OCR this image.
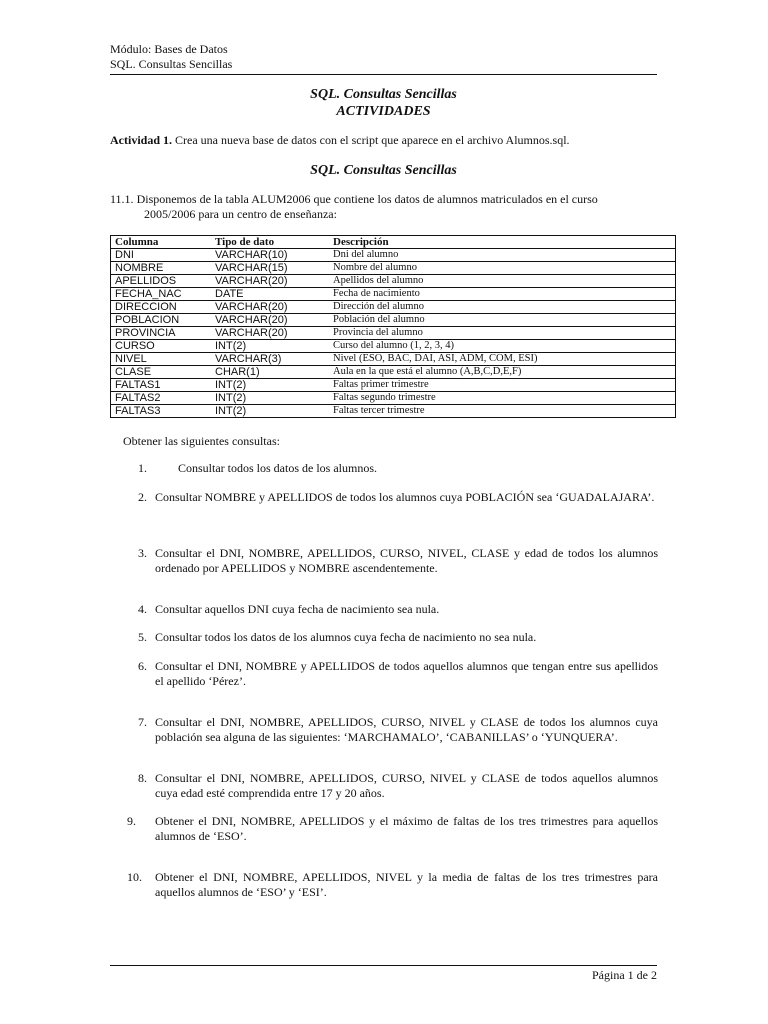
Módulo: Bases de Datos
SQL. Consultas Sencillas
SQL. Consultas Sencillas
ACTIVIDADES
Actividad 1. Crea una nueva base de datos con el script que aparece en el archivo Alumnos.sql.
SQL. Consultas Sencillas
11.1. Disponemos de la tabla ALUM2006 que contiene los datos de alumnos matriculados en el curso
2005/2006 para un centro de enseñanza:
Columna	Tipo de dato	Descripción
DNI	VARCHAR(10)	Dni del alumno
NOMBRE	VARCHAR(15)	Nombre del alumno
APELLIDOS	VARCHAR(20)	Apellidos del alumno
FECHA_NAC	DATE	Fecha de nacimiento
DIRECCION	VARCHAR(20)	Dirección del alumno
POBLACION	VARCHAR(20)	Población del alumno
PROVINCIA	VARCHAR(20)	Provincia del alumno
CURSO	INT(2)	Curso del alumno (1, 2, 3, 4)
NIVEL	VARCHAR(3)	Nivel (ESO, BAC, DAI, ASI, ADM, COM, ESI)
CLASE	CHAR(1)	Aula en la que está el alumno (A,B,C,D,E,F)
FALTAS1	INT(2)	Faltas primer trimestre
FALTAS2	INT(2)	Faltas segundo trimestre
FALTAS3	INT(2)	Faltas tercer trimestre
Obtener las siguientes consultas:
1.	Consultar todos los datos de los alumnos.
2. Consultar NOMBRE y APELLIDOS de todos los alumnos cuya POBLACIÓN sea ‘GUADALAJARA’.
3. Consultar el DNI, NOMBRE, APELLIDOS, CURSO, NIVEL, CLASE y edad de todos los alumnos ordenado por APELLIDOS y NOMBRE ascendentemente.
4. Consultar aquellos DNI cuya fecha de nacimiento sea nula.
5. Consultar todos los datos de los alumnos cuya fecha de nacimiento no sea nula.
6. Consultar el DNI, NOMBRE y APELLIDOS de todos aquellos alumnos que tengan entre sus apellidos el apellido ‘Pérez’.
7. Consultar el DNI, NOMBRE, APELLIDOS, CURSO, NIVEL y CLASE de todos los alumnos cuya población sea alguna de las siguientes: ‘MARCHAMALO’, ‘CABANILLAS’ o ‘YUNQUERA’.
8. Consultar el DNI, NOMBRE, APELLIDOS, CURSO, NIVEL y CLASE de todos aquellos alumnos cuya edad esté comprendida entre 17 y 20 años.
9. Obtener el DNI, NOMBRE, APELLIDOS y el máximo de faltas de los tres trimestres para aquellos alumnos de ‘ESO’.
10. Obtener el DNI, NOMBRE, APELLIDOS, NIVEL y la media de faltas de los tres trimestres para aquellos alumnos de ‘ESO’ y ‘ESI’.
Página 1 de 2
